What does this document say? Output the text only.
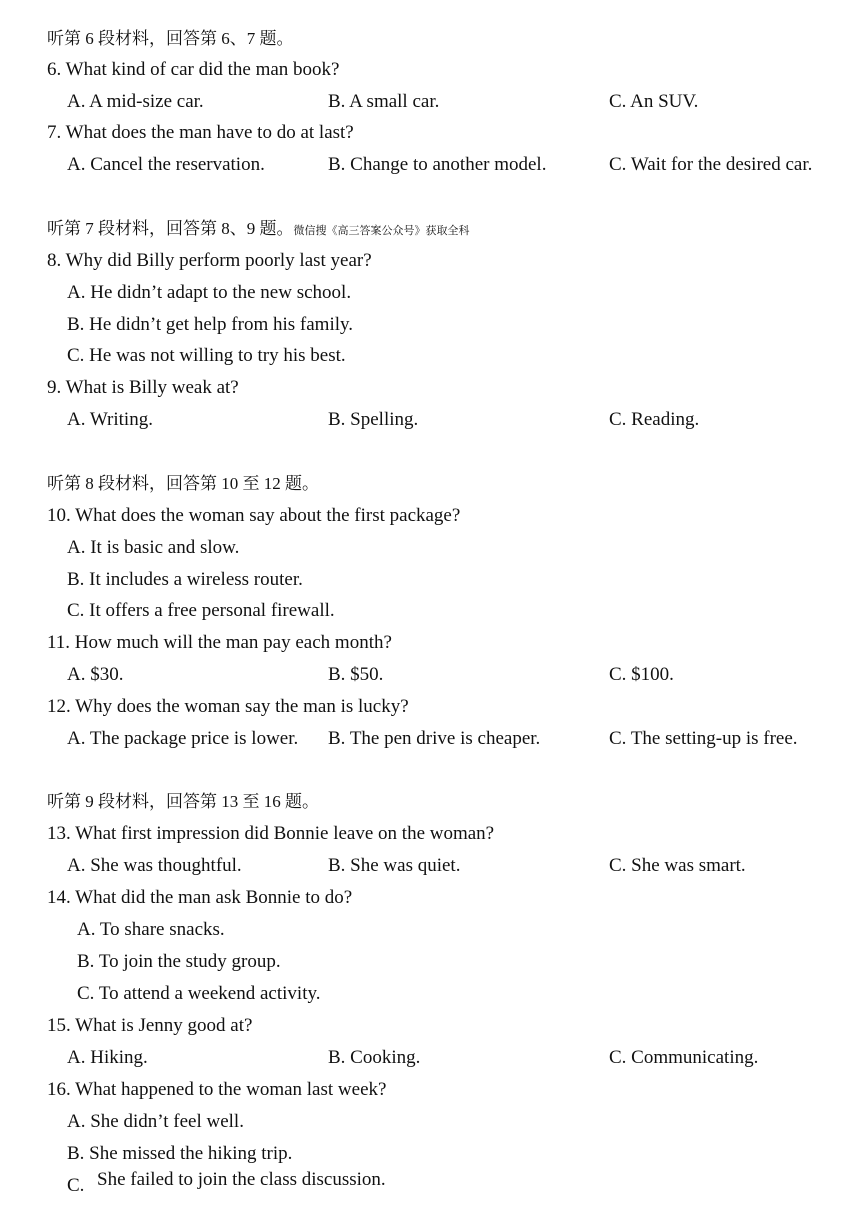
听第 6 段材料，回答第 6、7 题。
6. What kind of car did the man book?
A. A mid-size car.	B. A small car.	C. An SUV.
7. What does the man have to do at last?
A. Cancel the reservation.	B. Change to another model.	C. Wait for the desired car.
听第 7 段材料，回答第 8、9 题。微信搜《高三答案公众号》获取全科
8. Why did Billy perform poorly last year?
A. He didn’t adapt to the new school.
B. He didn’t get help from his family.
C. He was not willing to try his best.
9. What is Billy weak at?
A. Writing.	B. Spelling.	C. Reading.
听第 8 段材料，回答第 10 至 12 题。
10. What does the woman say about the first package?
A. It is basic and slow.
B. It includes a wireless router.
C. It offers a free personal firewall.
11. How much will the man pay each month?
A. $30.	B. $50.	C. $100.
12. Why does the woman say the man is lucky?
A. The package price is lower. B. The pen drive is cheaper.	C. The setting-up is free.
听第 9 段材料，回答第 13 至 16 题。
13. What first impression did Bonnie leave on the woman?
A. She was thoughtful.	B. She was quiet.	C. She was smart.
14. What did the man ask Bonnie to do?
A. To share snacks.
B. To join the study group.
C. To attend a weekend activity.
15. What is Jenny good at?
A. Hiking.	B. Cooking.	C. Communicating.
16. What happened to the woman last week?
A. She didn’t feel well.
B. She missed the hiking trip.
C. She failed to join the class discussion.
